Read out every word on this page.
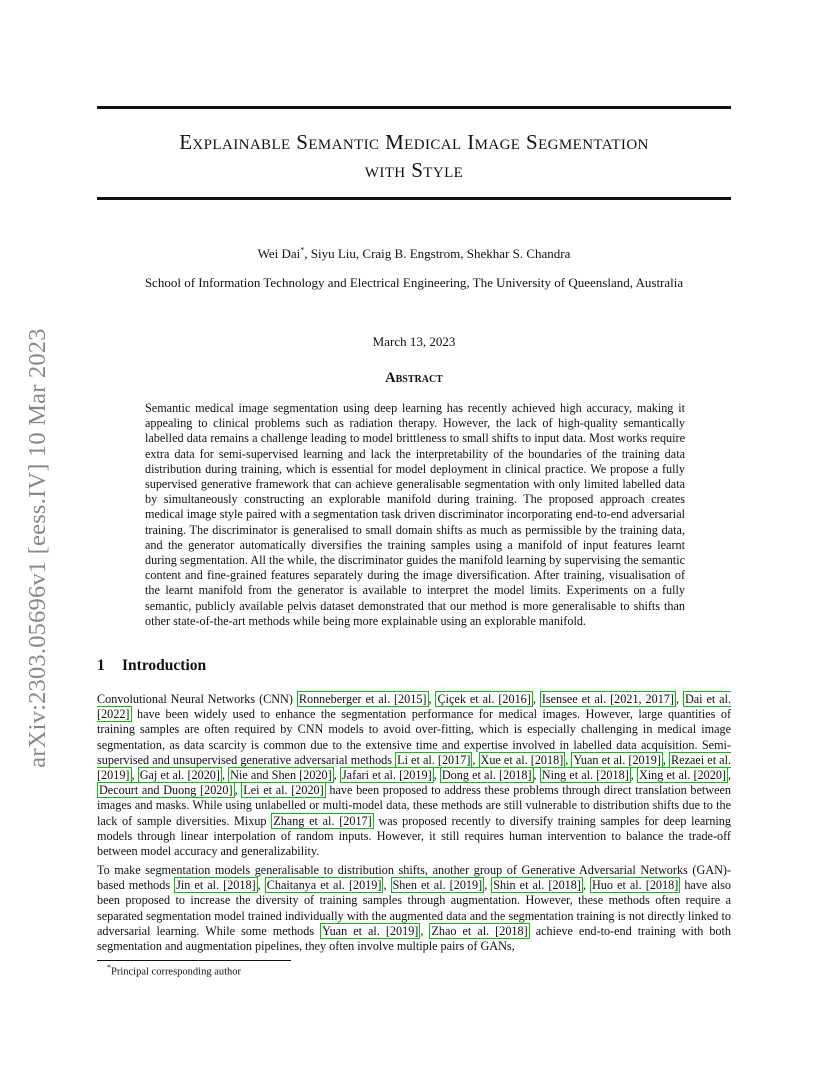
arXiv:2303.05696v1 [eess.IV] 10 Mar 2023
Explainable Semantic Medical Image Segmentation
with Style
Wei Dai*, Siyu Liu, Craig B. Engstrom, Shekhar S. Chandra
School of Information Technology and Electrical Engineering, The University of Queensland, Australia
March 13, 2023
Abstract

Semantic medical image segmentation using deep learning has recently achieved high accuracy, making it appealing to clinical problems such as radiation therapy. However, the lack of high-quality semantically labelled data remains a challenge leading to model brittleness to small shifts to input data. Most works require extra data for semi-supervised learning and lack the interpretability of the boundaries of the training data distribution during training, which is essential for model deployment in clinical practice. We propose a fully supervised generative framework that can achieve generalisable segmentation with only limited labelled data by simultaneously constructing an explorable manifold during training. The proposed approach creates medical image style paired with a segmentation task driven discriminator incorporating end-to-end adversarial training. The discriminator is generalised to small domain shifts as much as permissible by the training data, and the generator automatically diversifies the training samples using a manifold of input features learnt during segmentation. All the while, the discriminator guides the manifold learning by supervising the semantic content and fine-grained features separately during the image diversification. After training, visualisation of the learnt manifold from the generator is available to interpret the model limits. Experiments on a fully semantic, publicly available pelvis dataset demonstrated that our method is more generalisable to shifts than other state-of-the-art methods while being more explainable using an explorable manifold.

1 Introduction

Convolutional Neural Networks (CNN) Ronneberger et al. [2015] , Çiçek et al. [2016] , Isensee et al. [2021, 2017] , Dai et al. [2022] have been widely used to enhance the segmentation performance for medical images. However, large quantities of training samples are often required by CNN models to avoid over-fitting, which is especially challenging in medical image segmentation, as data scarcity is common due to the extensive time and expertise involved in labelled data acquisition. Semi-supervised and unsupervised generative adversarial methods Li et al. [2017] , Xue et al. [2018] , Yuan et al. [2019] , Rezaei et al. [2019] , Gaj et al. [2020] , Nie and Shen [2020] , Jafari et al. [2019] , Dong et al. [2018] , Ning et al. [2018] , Xing et al. [2020] , Decourt and Duong [2020] , Lei et al. [2020] have been proposed to address these problems through direct translation between images and masks. While using unlabelled or multi-model data, these methods are still vulnerable to distribution shifts due to the lack of sample diversities. Mixup Zhang et al. [2017] was proposed recently to diversify training samples for deep learning models through linear interpolation of random inputs. However, it still requires human intervention to balance the trade-off between model accuracy and generalizability.

To make segmentation models generalisable to distribution shifts, another group of Generative Adversarial Networks (GAN)-based methods Jin et al. [2018] , Chaitanya et al. [2019] , Shen et al. [2019] , Shin et al. [2018] , Huo et al. [2018] have also been proposed to increase the diversity of training samples through augmentation. However, these methods often require a separated segmentation model trained individually with the augmented data and the segmentation training is not directly linked to adversarial learning. While some methods Yuan et al. [2019] , Zhao et al. [2018] achieve end-to-end training with both segmentation and augmentation pipelines, they often involve multiple pairs of GANs,

*Principal corresponding author
